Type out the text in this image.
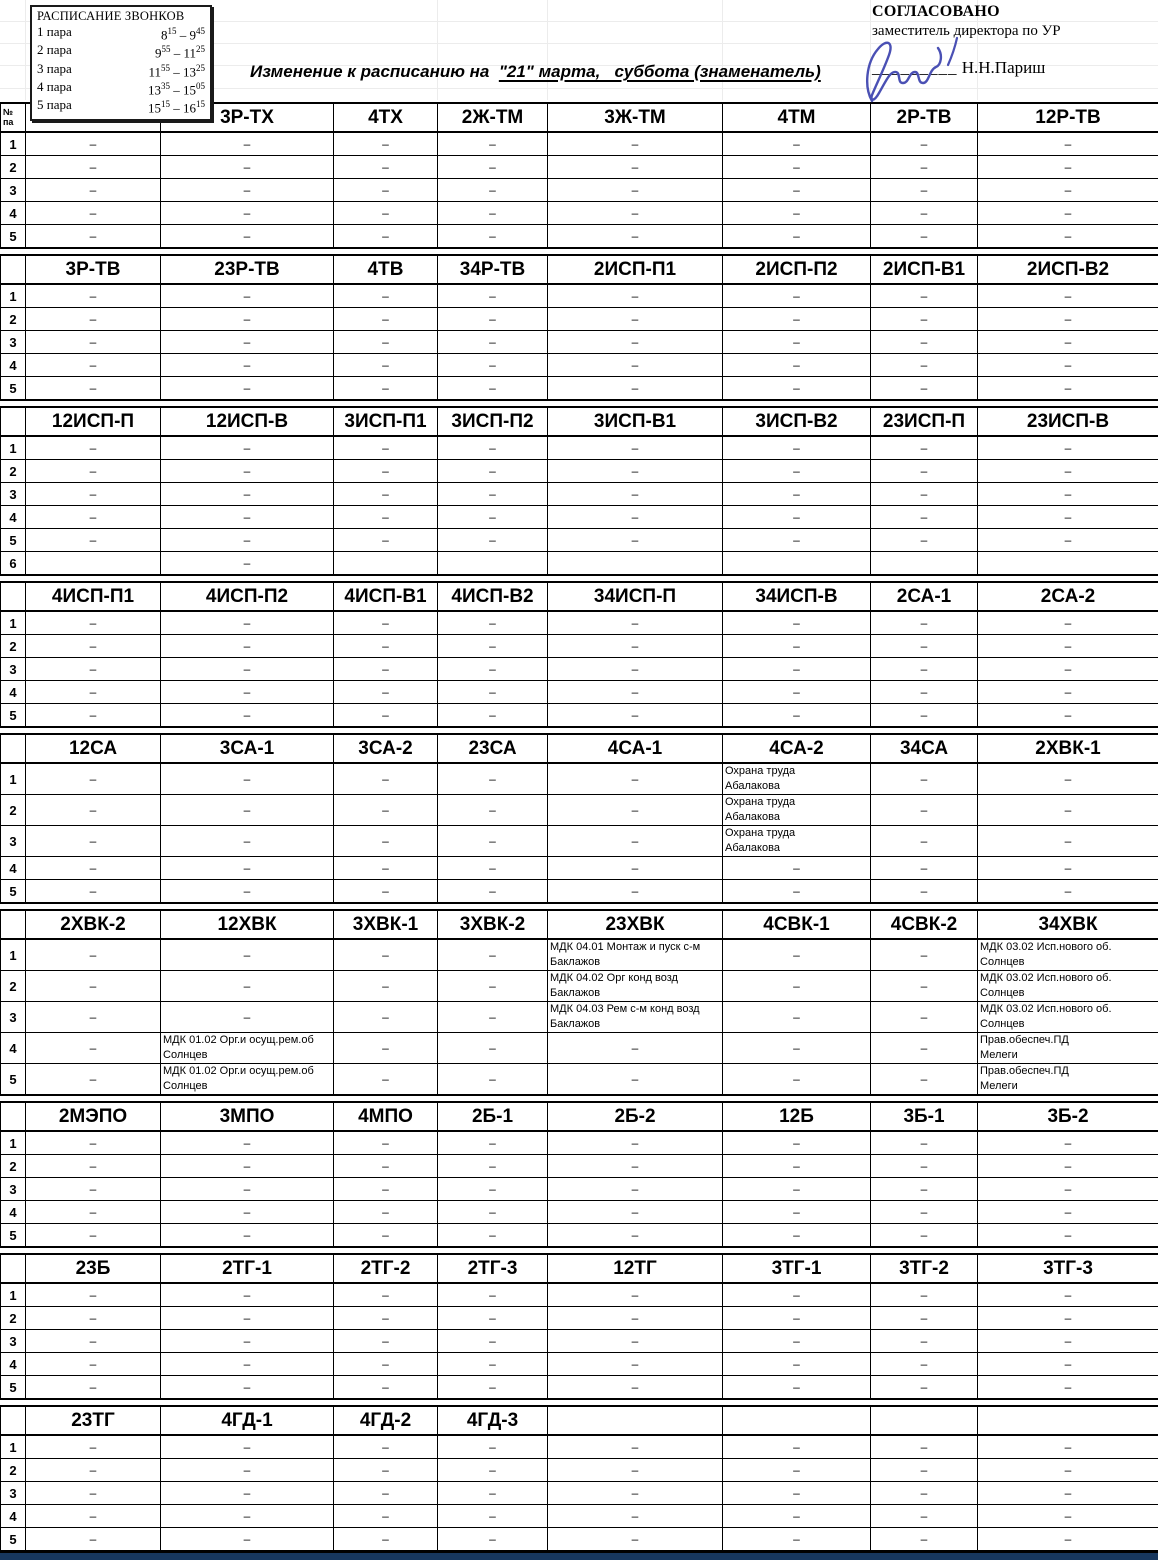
РАСПИСАНИЕ ЗВОНКОВ
1 пара	$8^{15} - 9^{45}$
2 пара	$9^{55} - 11^{25}$
3 пара	$11^{55} - 13^{25}$
4 пара	$13^{35} - 15^{05}$
5 пара	$15^{15} - 16^{15}$
Изменение к расписанию на  "21" марта,   суббота (знаменатель)
СОГЛАСОВАНО
заместитель директора по УР
_________ Н.Н.Париш
№
па		3Р-ТХ	4ТХ	2Ж-ТМ	3Ж-ТМ	4ТМ	2Р-ТВ	12Р-ТВ
1	–	–	–	–	–	–	–	–
2	–	–	–	–	–	–	–	–
3	–	–	–	–	–	–	–	–
4	–	–	–	–	–	–	–	–
5	–	–	–	–	–	–	–	–
	3Р-ТВ	23Р-ТВ	4ТВ	34Р-ТВ	2ИСП-П1	2ИСП-П2	2ИСП-В1	2ИСП-В2
1	–	–	–	–	–	–	–	–
2	–	–	–	–	–	–	–	–
3	–	–	–	–	–	–	–	–
4	–	–	–	–	–	–	–	–
5	–	–	–	–	–	–	–	–
	12ИСП-П	12ИСП-В	3ИСП-П1	3ИСП-П2	3ИСП-В1	3ИСП-В2	23ИСП-П	23ИСП-В
1	–	–	–	–	–	–	–	–
2	–	–	–	–	–	–	–	–
3	–	–	–	–	–	–	–	–
4	–	–	–	–	–	–	–	–
5	–	–	–	–	–	–	–	–
6		–						
	4ИСП-П1	4ИСП-П2	4ИСП-В1	4ИСП-В2	34ИСП-П	34ИСП-В	2СА-1	2СА-2
1	–	–	–	–	–	–	–	–
2	–	–	–	–	–	–	–	–
3	–	–	–	–	–	–	–	–
4	–	–	–	–	–	–	–	–
5	–	–	–	–	–	–	–	–
	12СА	3СА-1	3СА-2	23СА	4СА-1	4СА-2	34СА	2ХВК-1
1	–	–	–	–	–	Охрана труда
Абалакова	–	–
2	–	–	–	–	–	Охрана труда
Абалакова	–	–
3	–	–	–	–	–	Охрана труда
Абалакова	–	–
4	–	–	–	–	–	–	–	–
5	–	–	–	–	–	–	–	–
	2ХВК-2	12ХВК	3ХВК-1	3ХВК-2	23ХВК	4СВК-1	4СВК-2	34ХВК
1	–	–	–	–	
МДК 04.01 Монтаж и пуск с-м
Баклажов	–	–	
МДК 03.02 Исп.нового об.
Солнцев

2	–	–	–	–	
МДК 04.02 Орг конд возд
Баклажов	–	–	
МДК 03.02 Исп.нового об.
Солнцев

3	–	–	–	–	
МДК 04.03 Рем с-м конд возд
Баклажов	–	–	
МДК 03.02 Исп.нового об.
Солнцев

4	–	
МДК 01.02 Орг.и осущ.рем.об
Солнцев	–	–	–	–	–	
Прав.обеспеч.ПД
Мелеги

5	–	
МДК 01.02 Орг.и осущ.рем.об
Солнцев	–	–	–	–	–	
Прав.обеспеч.ПД
Мелеги
	2МЭПО	3МПО	4МПО	2Б-1	2Б-2	12Б	3Б-1	3Б-2
1	–	–	–	–	–	–	–	–
2	–	–	–	–	–	–	–	–
3	–	–	–	–	–	–	–	–
4	–	–	–	–	–	–	–	–
5	–	–	–	–	–	–	–	–
	23Б	2ТГ-1	2ТГ-2	2ТГ-3	12ТГ	3ТГ-1	3ТГ-2	3ТГ-3
1	–	–	–	–	–	–	–	–
2	–	–	–	–	–	–	–	–
3	–	–	–	–	–	–	–	–
4	–	–	–	–	–	–	–	–
5	–	–	–	–	–	–	–	–
	23ТГ	4ГД-1	4ГД-2	4ГД-3				
1	–	–	–	–	–	–	–	–
2	–	–	–	–	–	–	–	–
3	–	–	–	–	–	–	–	–
4	–	–	–	–	–	–	–	–
5	–	–	–	–	–	–	–	–
